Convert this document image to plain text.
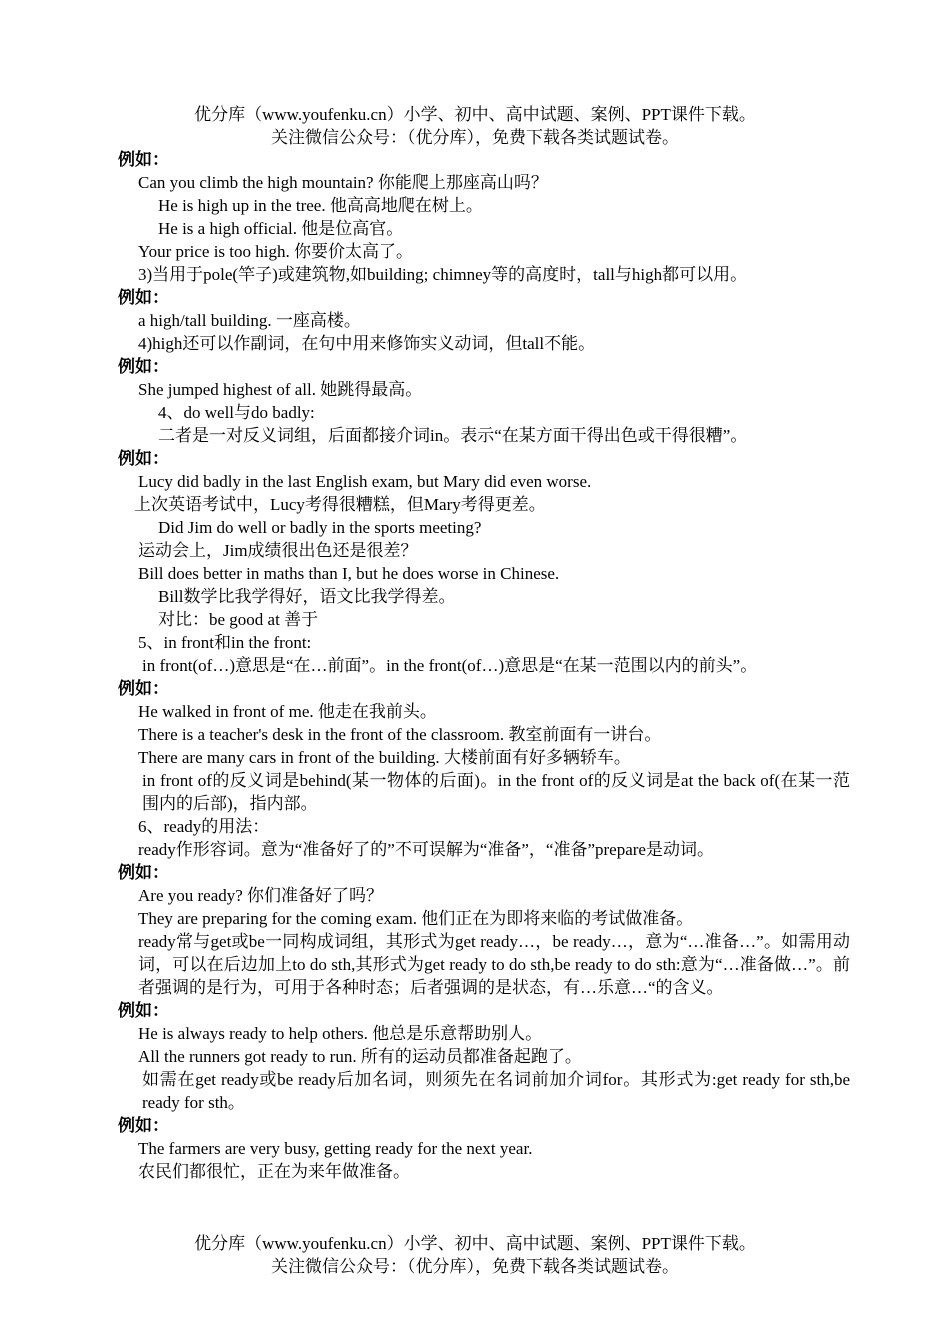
优分库（www.youfenku.cn）小学、初中、高中试题、案例、PPT课件下载。
关注微信公众号：（优分库），免费下载各类试题试卷。
例如：
Can you climb the high mountain? 你能爬上那座高山吗？
He is high up in the tree. 他高高地爬在树上。
He is a high official. 他是位高官。
Your price is too high. 你要价太高了。
3)当用于pole(竿子)或建筑物,如building; chimney等的高度时，tall与high都可以用。
例如：
a high/tall building. 一座高楼。
4)high还可以作副词，在句中用来修饰实义动词，但tall不能。
例如：
She jumped highest of all. 她跳得最高。
4、do well与do badly:
二者是一对反义词组，后面都接介词in。表示“在某方面干得出色或干得很糟”。
例如：
Lucy did badly in the last English exam, but Mary did even worse.
上次英语考试中，Lucy考得很糟糕，但Mary考得更差。
Did Jim do well or badly in the sports meeting?
运动会上，Jim成绩很出色还是很差？
Bill does better in maths than I, but he does worse in Chinese.
Bill数学比我学得好，语文比我学得差。
对比：be good at 善于
5、in front和in the front:
in front(of…)意思是“在…前面”。in the front(of…)意思是“在某一范围以内的前头”。
例如：
He walked in front of me. 他走在我前头。
There is a teacher's desk in the front of the classroom. 教室前面有一讲台。
There are many cars in front of the building. 大楼前面有好多辆轿车。
in front of的反义词是behind(某一物体的后面)。in the front of的反义词是at the back of(在某一范围内的后部)，指内部。
6、ready的用法：
ready作形容词。意为“准备好了的”不可误解为“准备”，“准备”prepare是动词。
例如：
Are you ready? 你们准备好了吗？
They are preparing for the coming exam. 他们正在为即将来临的考试做准备。
ready常与get或be一同构成词组，其形式为get ready…，be ready…，意为“…准备…”。如需用动词，可以在后边加上to do sth,其形式为get ready to do sth,be ready to do sth:意为“…准备做…”。前者强调的是行为，可用于各种时态；后者强调的是状态，有…乐意…“的含义。
例如：
He is always ready to help others. 他总是乐意帮助别人。
All the runners got ready to run. 所有的运动员都准备起跑了。
如需在get ready或be ready后加名词，则须先在名词前加介词for。其形式为:get ready for sth,be ready for sth。
例如：
The farmers are very busy, getting ready for the next year.
农民们都很忙，正在为来年做准备。
优分库（www.youfenku.cn）小学、初中、高中试题、案例、PPT课件下载。
关注微信公众号：（优分库），免费下载各类试题试卷。
